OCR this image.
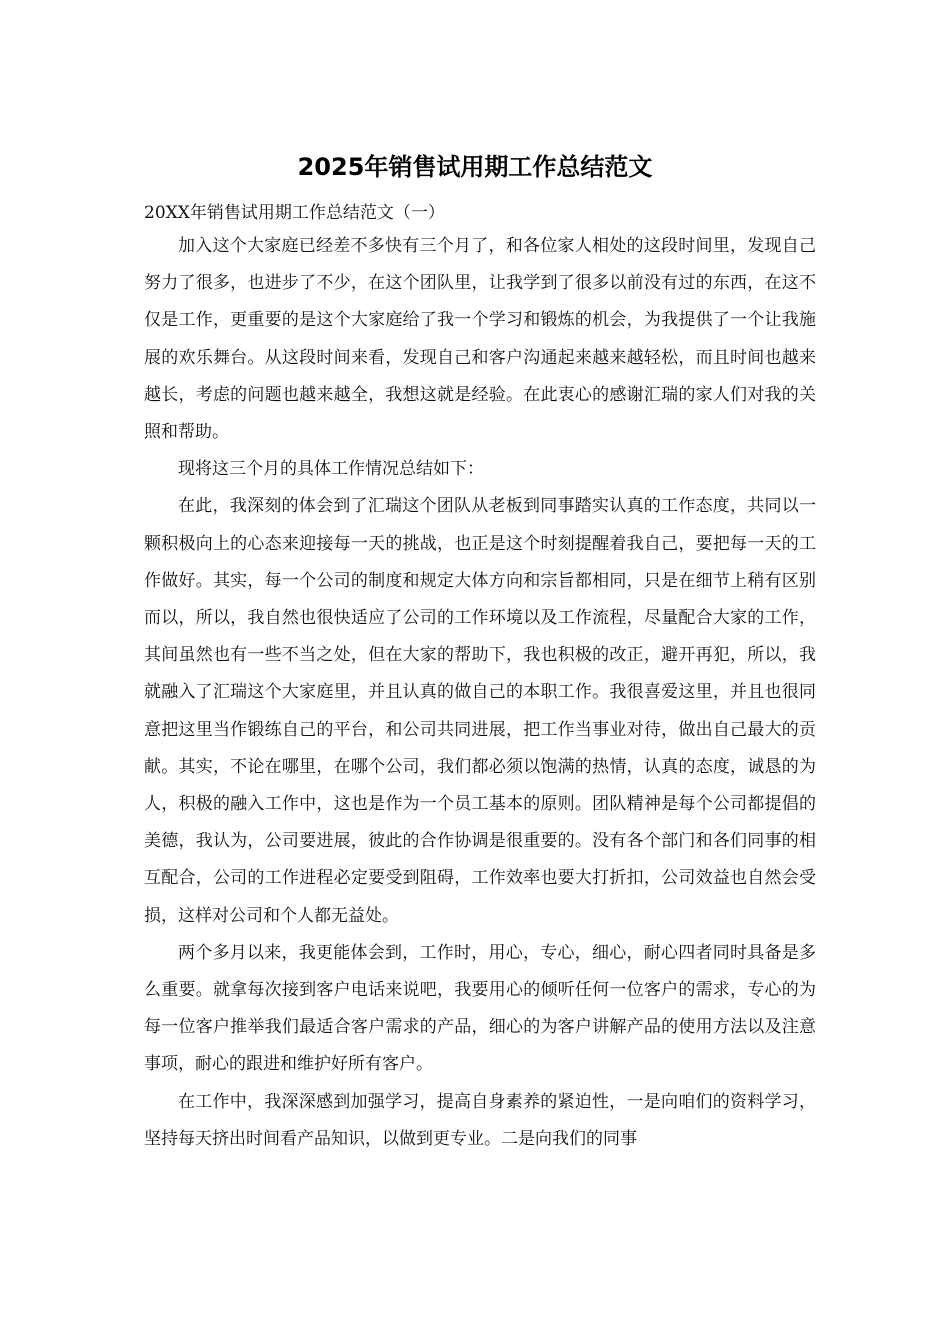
2025年销售试用期工作总结范文
20XX年销售试用期工作总结范文（一）

加入这个大家庭已经差不多快有三个月了，和各位家人相处的这段时间里，发现自己努力了很多，也进步了不少，在这个团队里，让我学到了很多以前没有过的东西，在这不仅是工作，更重要的是这个大家庭给了我一个学习和锻炼的机会，为我提供了一个让我施展的欢乐舞台。从这段时间来看，发现自己和客户沟通起来越来越轻松，而且时间也越来越长，考虑的问题也越来越全，我想这就是经验。在此衷心的感谢汇瑞的家人们对我的关照和帮助。

现将这三个月的具体工作情况总结如下：

在此，我深刻的体会到了汇瑞这个团队从老板到同事踏实认真的工作态度，共同以一颗积极向上的心态来迎接每一天的挑战，也正是这个时刻提醒着我自己，要把每一天的工作做好。其实，每一个公司的制度和规定大体方向和宗旨都相同，只是在细节上稍有区别而以，所以，我自然也很快适应了公司的工作环境以及工作流程，尽量配合大家的工作，其间虽然也有一些不当之处，但在大家的帮助下，我也积极的改正，避开再犯，所以，我就融入了汇瑞这个大家庭里，并且认真的做自己的本职工作。我很喜爱这里，并且也很同意把这里当作锻练自己的平台，和公司共同进展，把工作当事业对待，做出自己最大的贡献。其实，不论在哪里，在哪个公司，我们都必须以饱满的热情，认真的态度，诚恳的为人，积极的融入工作中，这也是作为一个员工基本的原则。团队精神是每个公司都提倡的美德，我认为，公司要进展，彼此的合作协调是很重要的。没有各个部门和各们同事的相互配合，公司的工作进程必定要受到阻碍，工作效率也要大打折扣，公司效益也自然会受损，这样对公司和个人都无益处。

两个多月以来，我更能体会到，工作时，用心，专心，细心，耐心四者同时具备是多么重要。就拿每次接到客户电话来说吧，我要用心的倾听任何一位客户的需求，专心的为每一位客户推举我们最适合客户需求的产品，细心的为客户讲解产品的使用方法以及注意事项，耐心的跟进和维护好所有客户。

在工作中，我深深感到加强学习，提高自身素养的紧迫性，一是向咱们的资料学习，坚持每天挤出时间看产品知识，以做到更专业。二是向我们的同事
